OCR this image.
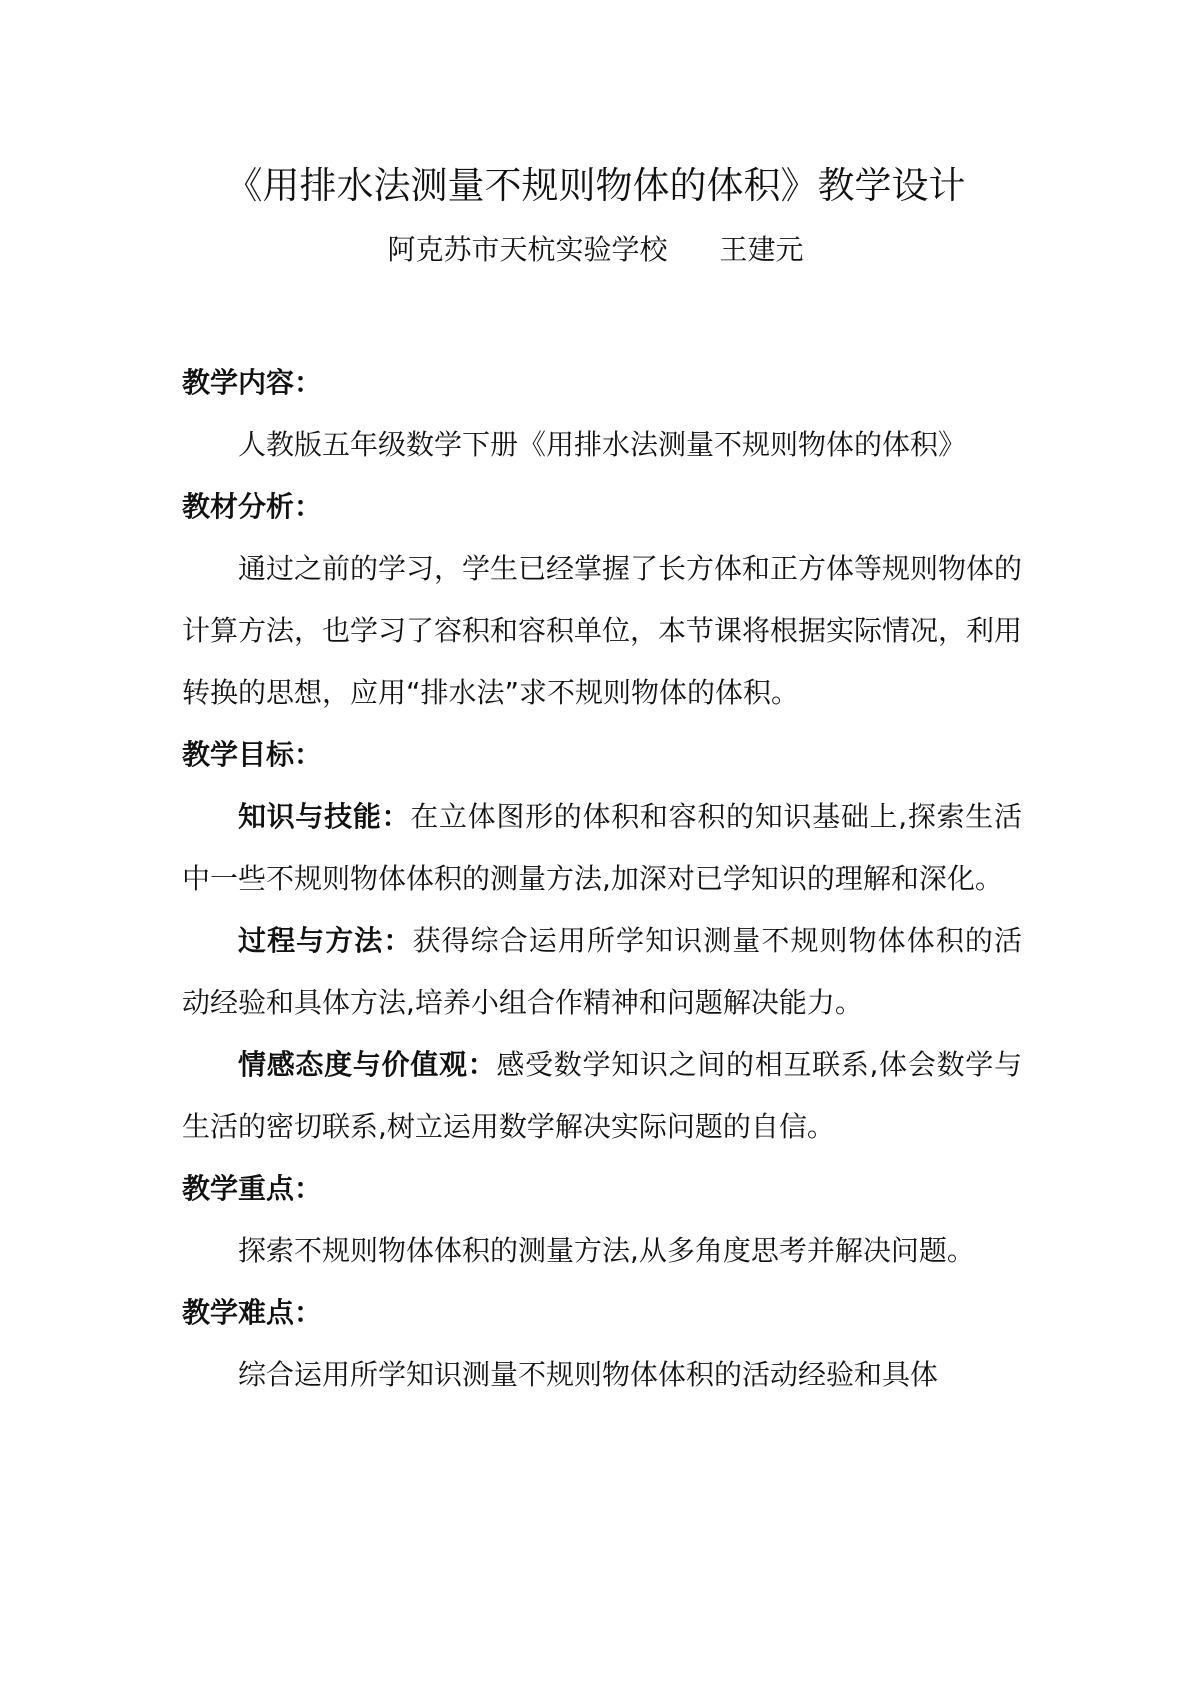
《用排水法测量不规则物体的体积》教学设计
阿克苏市天杭实验学校 王建元

教学内容：

人教版五年级数学下册《用排水法测量不规则物体的体积》

教材分析：

通过之前的学习，学生已经掌握了长方体和正方体等规则物体的计算方法，也学习了容积和容积单位，本节课将根据实际情况，利用转换的思想，应用“排水法”求不规则物体的体积。

教学目标：

知识与技能：在立体图形的体积和容积的知识基础上,探索生活中一些不规则物体体积的测量方法,加深对已学知识的理解和深化。

过程与方法：获得综合运用所学知识测量不规则物体体积的活动经验和具体方法,培养小组合作精神和问题解决能力。

情感态度与价值观：感受数学知识之间的相互联系,体会数学与生活的密切联系,树立运用数学解决实际问题的自信。

教学重点：

探索不规则物体体积的测量方法,从多角度思考并解决问题。

教学难点：

综合运用所学知识测量不规则物体体积的活动经验和具体
